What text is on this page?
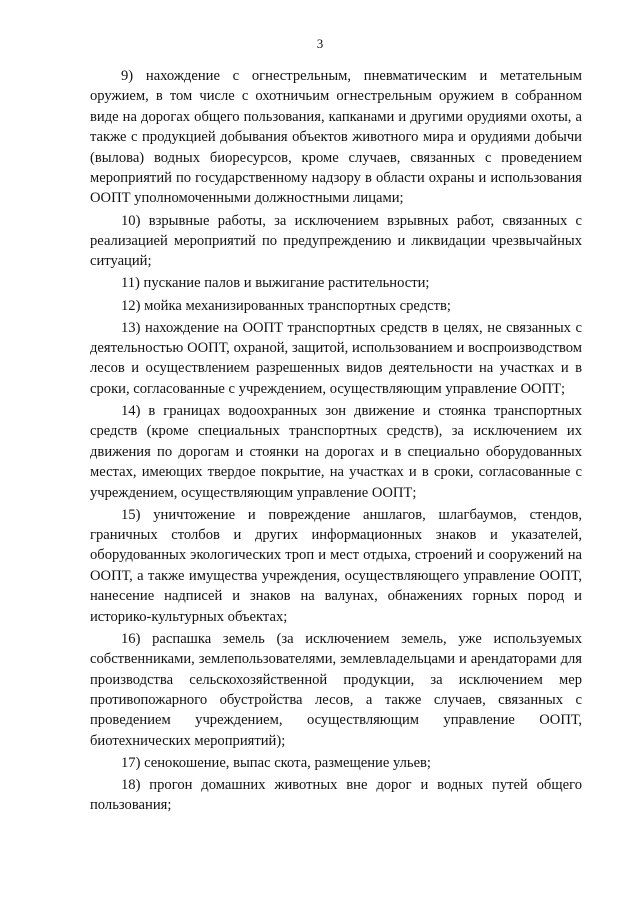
3

9) нахождение с огнестрельным, пневматическим и метательным оружием, в том числе с охотничьим огнестрельным оружием в собранном виде на дорогах общего пользования, капканами и другими орудиями охоты, а также с продукцией добывания объектов животного мира и орудиями добычи (вылова) водных биоресурсов, кроме случаев, связанных с проведением мероприятий по государственному надзору в области охраны и использования ООПТ уполномоченными должностными лицами;

10) взрывные работы, за исключением взрывных работ, связанных с реализацией мероприятий по предупреждению и ликвидации чрезвычайных ситуаций;

11) пускание палов и выжигание растительности;

12) мойка механизированных транспортных средств;

13) нахождение на ООПТ транспортных средств в целях, не связанных с деятельностью ООПТ, охраной, защитой, использованием и воспроизводством лесов и осуществлением разрешенных видов деятельности на участках и в сроки, согласованные с учреждением, осуществляющим управление ООПТ;

14) в границах водоохранных зон движение и стоянка транспортных средств (кроме специальных транспортных средств), за исключением их движения по дорогам и стоянки на дорогах и в специально оборудованных местах, имеющих твердое покрытие, на участках и в сроки, согласованные с учреждением, осуществляющим управление ООПТ;

15) уничтожение и повреждение аншлагов, шлагбаумов, стендов, граничных столбов и других информационных знаков и указателей, оборудованных экологических троп и мест отдыха, строений и сооружений на ООПТ, а также имущества учреждения, осуществляющего управление ООПТ, нанесение надписей и знаков на валунах, обнажениях горных пород и историко-культурных объектах;

16) распашка земель (за исключением земель, уже используемых собственниками, землепользователями, землевладельцами и арендаторами для производства сельскохозяйственной продукции, за исключением мер противопожарного обустройства лесов, а также случаев, связанных с проведением учреждением, осуществляющим управление ООПТ, биотехнических мероприятий);

17) сенокошение, выпас скота, размещение ульев;

18) прогон домашних животных вне дорог и водных путей общего пользования;
